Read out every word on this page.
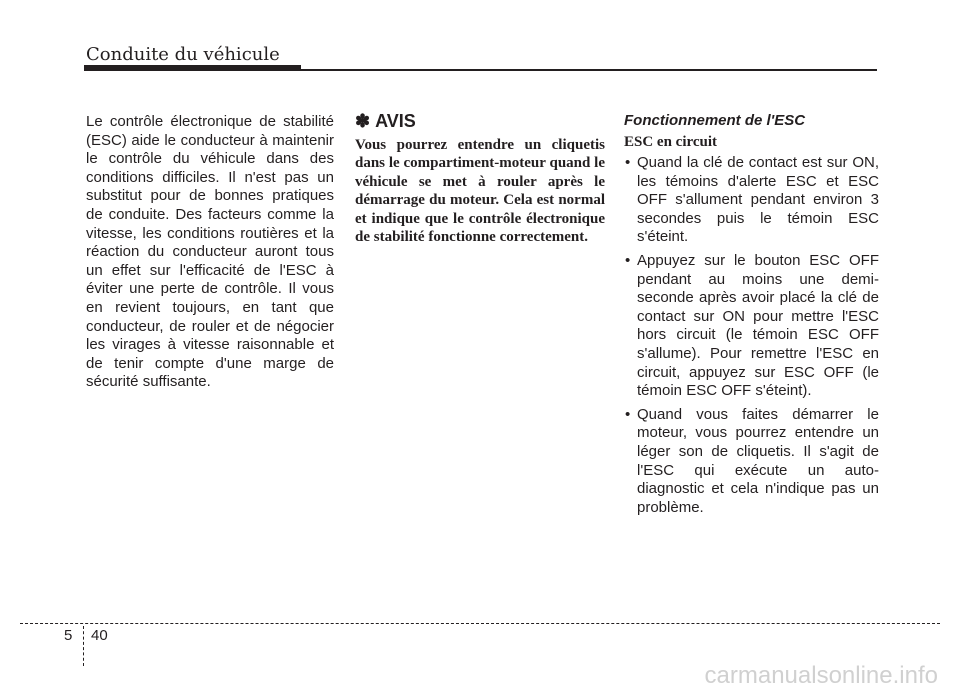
Conduite du véhicule

Le contrôle électronique de stabilité (ESC) aide le conducteur à maintenir le contrôle du véhicule dans des conditions difficiles. Il n'est pas un substitut pour de bonnes pratiques de conduite. Des facteurs comme la vitesse, les conditions routières et la réaction du conducteur auront tous un effet sur l'efficacité de l'ESC à éviter une perte de contrôle. Il vous en revient toujours, en tant que conducteur, de rouler et de négocier les virages à vitesse raisonnable et de tenir compte d'une marge de sécurité suffisante.

✽ AVIS

Vous pourrez entendre un cliquetis dans le compartiment-moteur quand le véhicule se met à rouler après le démarrage du moteur. Cela est normal et indique que le contrôle électronique de stabilité fonctionne correctement.

Fonctionnement de l'ESC
ESC en circuit
• Quand la clé de contact est sur ON, les témoins d'alerte ESC et ESC OFF s'allument pendant environ 3 secondes puis le témoin ESC s'éteint.
• Appuyez sur le bouton ESC OFF pendant au moins une demi-seconde après avoir placé la clé de contact sur ON pour mettre l'ESC hors circuit (le témoin ESC OFF s'allume). Pour remettre l'ESC en circuit, appuyez sur ESC OFF (le témoin ESC OFF s'éteint).
• Quand vous faites démarrer le moteur, vous pourrez entendre un léger son de cliquetis. Il s'agit de l'ESC qui exécute un auto-diagnostic et cela n'indique pas un problème.
5 40
carmanualsonline.info
